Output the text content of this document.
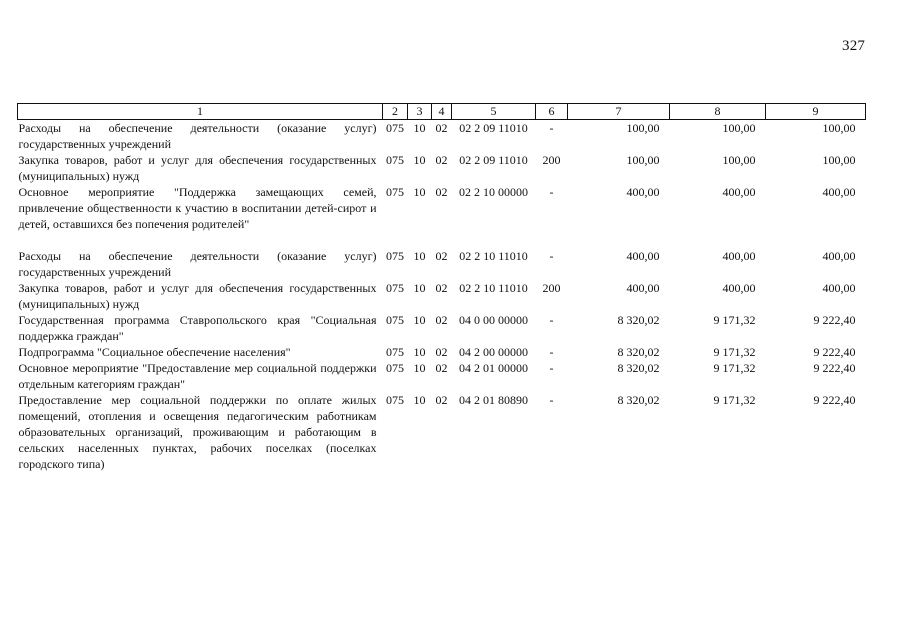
327
1	2	3	4	5	6	7	8	9
Расходы на обеспечение деятельности (оказание услуг) государственных учреждений	075	10	02	02 2 09 11010	-	100,00	100,00	100,00
Закупка товаров, работ и услуг для обеспечения государственных (муниципальных) нужд	075	10	02	02 2 09 11010	200	100,00	100,00	100,00
Основное мероприятие "Поддержка замещающих семей, привлечение общественности к участию в воспитании детей-сирот и детей, оставшихся без попечения родителей"	075	10	02	02 2 10 00000	-	400,00	400,00	400,00

Расходы на обеспечение деятельности (оказание услуг) государственных учреждений	075	10	02	02 2 10 11010	-	400,00	400,00	400,00
Закупка товаров, работ и услуг для обеспечения государственных (муниципальных) нужд	075	10	02	02 2 10 11010	200	400,00	400,00	400,00
Государственная программа Ставропольского края "Социальная поддержка граждан"	075	10	02	04 0 00 00000	-	8 320,02	9 171,32	9 222,40
Подпрограмма "Социальное обеспечение населения"	075	10	02	04 2 00 00000	-	8 320,02	9 171,32	9 222,40
Основное мероприятие "Предоставление мер социальной поддержки отдельным категориям граждан"	075	10	02	04 2 01 00000	-	8 320,02	9 171,32	9 222,40
Предоставление мер социальной поддержки по оплате жилых помещений, отопления и освещения педагогическим работникам образовательных организаций, проживающим и работающим в сельских населенных пунктах, рабочих поселках (поселках городского типа)	075	10	02	04 2 01 80890	-	8 320,02	9 171,32	9 222,40
